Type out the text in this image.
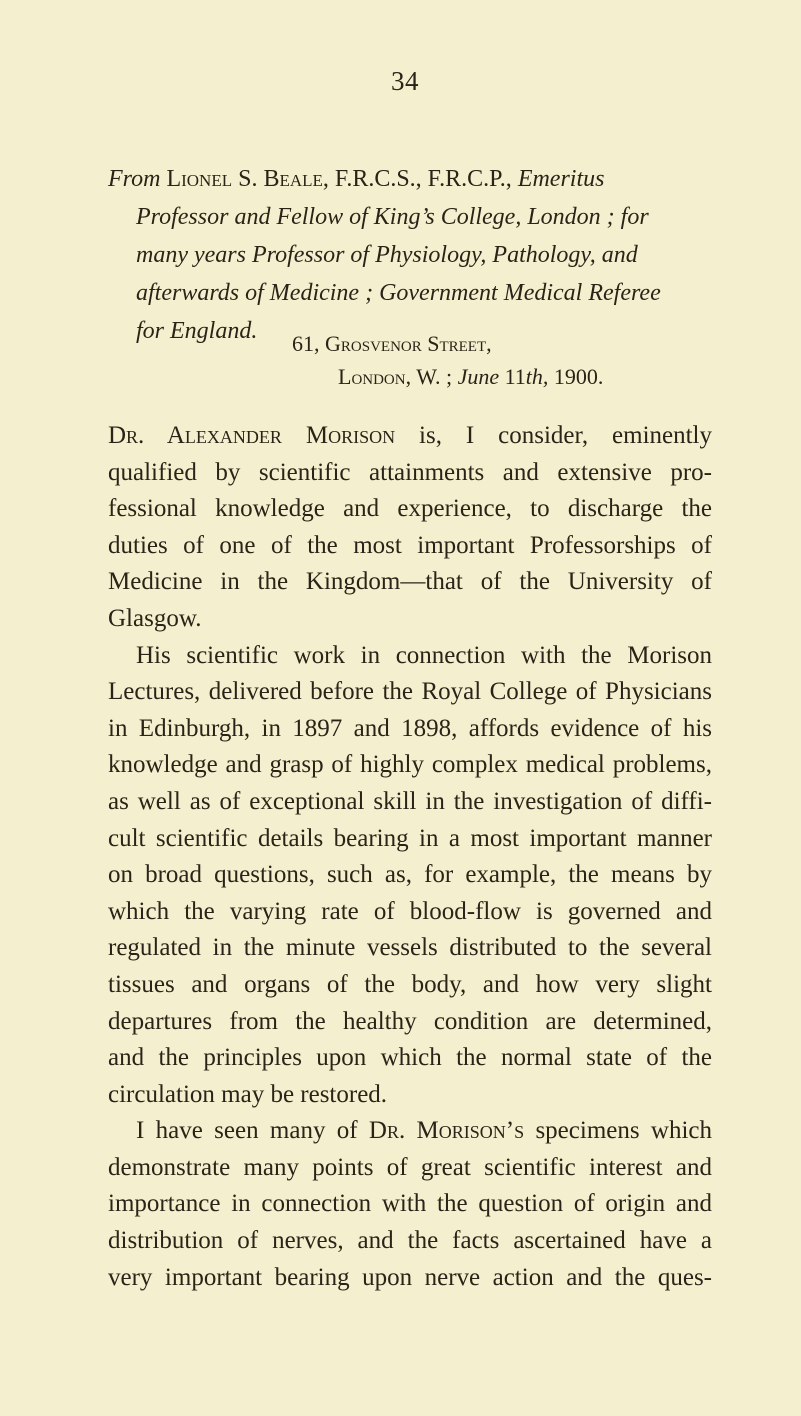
34
From Lionel S. Beale, F.R.C.S., F.R.C.P., Emeritus
Professor and Fellow of King’s College, London ; for
many years Professor of Physiology, Pathology, and
afterwards of Medicine ; Government Medical Referee
for England.	61, Grosvenor Street,
London, W. ; June 11th, 1900.
Dr. Alexander Morison is, I consider, eminently
qualified by scientific attainments and extensive pro-
fessional knowledge and experience, to discharge the
duties of one of the most important Professorships of
Medicine in the Kingdom—that of the University of
Glasgow.
His scientific work in connection with the Morison
Lectures, delivered before the Royal College of Physicians
in Edinburgh, in 1897 and 1898, affords evidence of his
knowledge and grasp of highly complex medical problems,
as well as of exceptional skill in the investigation of diffi-
cult scientific details bearing in a most important manner
on broad questions, such as, for example, the means by
which the varying rate of blood-flow is governed and
regulated in the minute vessels distributed to the several
tissues and organs of the body, and how very slight
departures from the healthy condition are determined,
and the principles upon which the normal state of the
circulation may be restored.
I have seen many of Dr. Morison’s specimens which
demonstrate many points of great scientific interest and
importance in connection with the question of origin and
distribution of nerves, and the facts ascertained have a
very important bearing upon nerve action and the ques-
